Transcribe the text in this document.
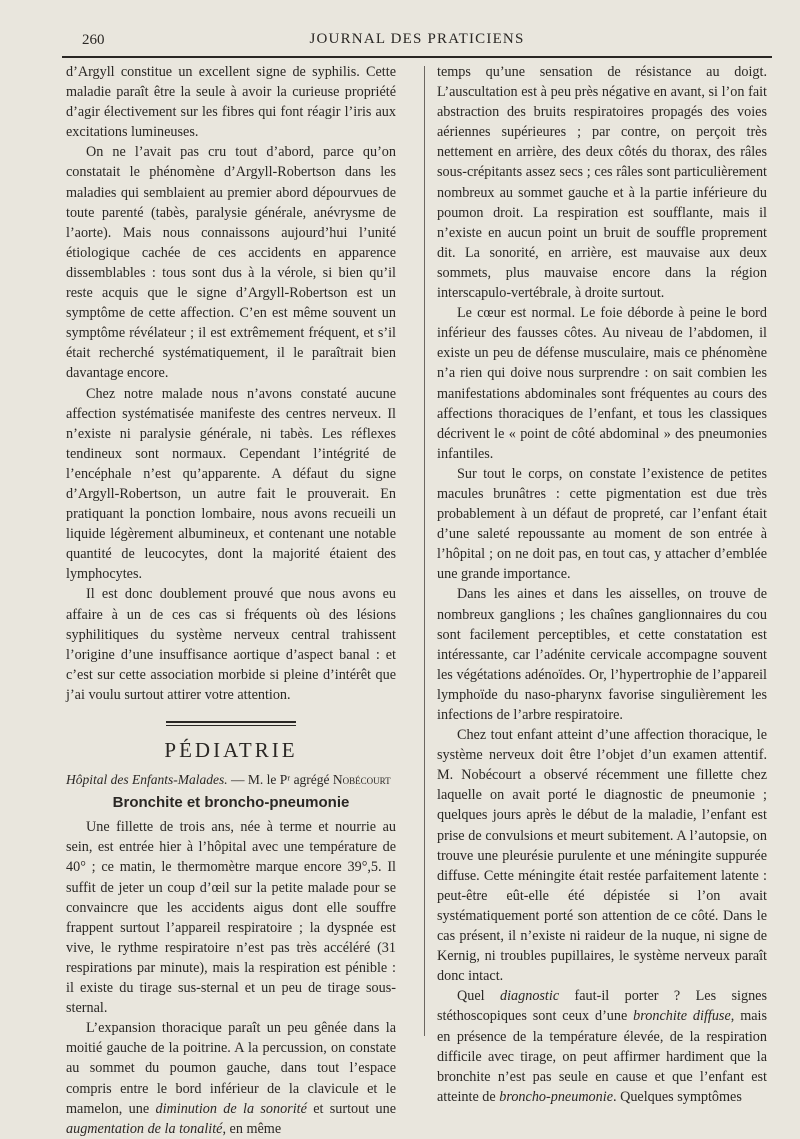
260	JOURNAL DES PRATICIENS

d’Argyll constitue un excellent signe de syphilis. Cette maladie paraît être la seule à avoir la curieuse propriété d’agir électivement sur les fibres qui font réagir l’iris aux excitations lumineuses.

On ne l’avait pas cru tout d’abord, parce qu’on constatait le phénomène d’Argyll-Robertson dans les maladies qui semblaient au premier abord dépourvues de toute parenté (tabès, paralysie générale, anévrysme de l’aorte). Mais nous connaissons aujourd’hui l’unité étiologique cachée de ces accidents en apparence dissemblables : tous sont dus à la vérole, si bien qu’il reste acquis que le signe d’Argyll-Robertson est un symptôme de cette affection. C’en est même souvent un symptôme révélateur ; il est extrêmement fréquent, et s’il était recherché systématiquement, il le paraîtrait bien davantage encore.

Chez notre malade nous n’avons constaté aucune affection systématisée manifeste des centres nerveux. Il n’existe ni paralysie générale, ni tabès. Les réflexes tendineux sont normaux. Cependant l’intégrité de l’encéphale n’est qu’apparente. A défaut du signe d’Argyll-Robertson, un autre fait le prouverait. En pratiquant la ponction lombaire, nous avons recueili un liquide légèrement albumineux, et contenant une notable quantité de leucocytes, dont la majorité étaient des lymphocytes.

Il est donc doublement prouvé que nous avons eu affaire à un de ces cas si fréquents où des lésions syphilitiques du système nerveux central trahissent l’origine d’une insuffisance aortique d’aspect banal : et c’est sur cette association morbide si pleine d’intérêt que j’ai voulu surtout attirer votre attention.

PÉDIATRIE

Hôpital des Enfants-Malades. — M. le Pʳ agrégé Nobécourt

Bronchite et broncho-pneumonie

Une fillette de trois ans, née à terme et nourrie au sein, est entrée hier à l’hôpital avec une température de 40° ; ce matin, le thermomètre marque encore 39°,5. Il suffit de jeter un coup d’œil sur la petite malade pour se convaincre que les accidents aigus dont elle souffre frappent surtout l’appareil respiratoire ; la dyspnée est vive, le rythme respiratoire n’est pas très accéléré (31 respirations par minute), mais la respiration est pénible : il existe du tirage sus-sternal et un peu de tirage sous-sternal.

L’expansion thoracique paraît un peu gênée dans la moitié gauche de la poitrine. A la percussion, on constate au sommet du poumon gauche, dans tout l’espace compris entre le bord inférieur de la clavicule et le mamelon, une diminution de la sonorité et surtout une augmentation de la tonalité, en même

temps qu’une sensation de résistance au doigt. L’auscultation est à peu près négative en avant, si l’on fait abstraction des bruits respiratoires propagés des voies aériennes supérieures ; par contre, on perçoit très nettement en arrière, des deux côtés du thorax, des râles sous-crépitants assez secs ; ces râles sont particulièrement nombreux au sommet gauche et à la partie inférieure du poumon droit. La respiration est soufflante, mais il n’existe en aucun point un bruit de souffle proprement dit. La sonorité, en arrière, est mauvaise aux deux sommets, plus mauvaise encore dans la région interscapulo-vertébrale, à droite surtout.

Le cœur est normal. Le foie déborde à peine le bord inférieur des fausses côtes. Au niveau de l’abdomen, il existe un peu de défense musculaire, mais ce phénomène n’a rien qui doive nous surprendre : on sait combien les manifestations abdominales sont fréquentes au cours des affections thoraciques de l’enfant, et tous les classiques décrivent le « point de côté abdominal » des pneumonies infantiles.

Sur tout le corps, on constate l’existence de petites macules brunâtres : cette pigmentation est due très probablement à un défaut de propreté, car l’enfant était d’une saleté repoussante au moment de son entrée à l’hôpital ; on ne doit pas, en tout cas, y attacher d’emblée une grande importance.

Dans les aines et dans les aisselles, on trouve de nombreux ganglions ; les chaînes ganglionnaires du cou sont facilement perceptibles, et cette constatation est intéressante, car l’adénite cervicale accompagne souvent les végétations adénoïdes. Or, l’hypertrophie de l’appareil lymphoïde du naso-pharynx favorise singulièrement les infections de l’arbre respiratoire.

Chez tout enfant atteint d’une affection thoracique, le système nerveux doit être l’objet d’un examen attentif. M. Nobécourt a observé récemment une fillette chez laquelle on avait porté le diagnostic de pneumonie ; quelques jours après le début de la maladie, l’enfant est prise de convulsions et meurt subitement. A l’autopsie, on trouve une pleurésie purulente et une méningite suppurée diffuse. Cette méningite était restée parfaitement latente : peut-être eût-elle été dépistée si l’on avait systématiquement porté son attention de ce côté. Dans le cas présent, il n’existe ni raideur de la nuque, ni signe de Kernig, ni troubles pupillaires, le système nerveux paraît donc intact.

Quel diagnostic faut-il porter ? Les signes stéthoscopiques sont ceux d’une bronchite diffuse, mais en présence de la température élevée, de la respiration difficile avec tirage, on peut affirmer hardiment que la bronchite n’est pas seule en cause et que l’enfant est atteinte de broncho-pneumonie. Quelques symptômes
